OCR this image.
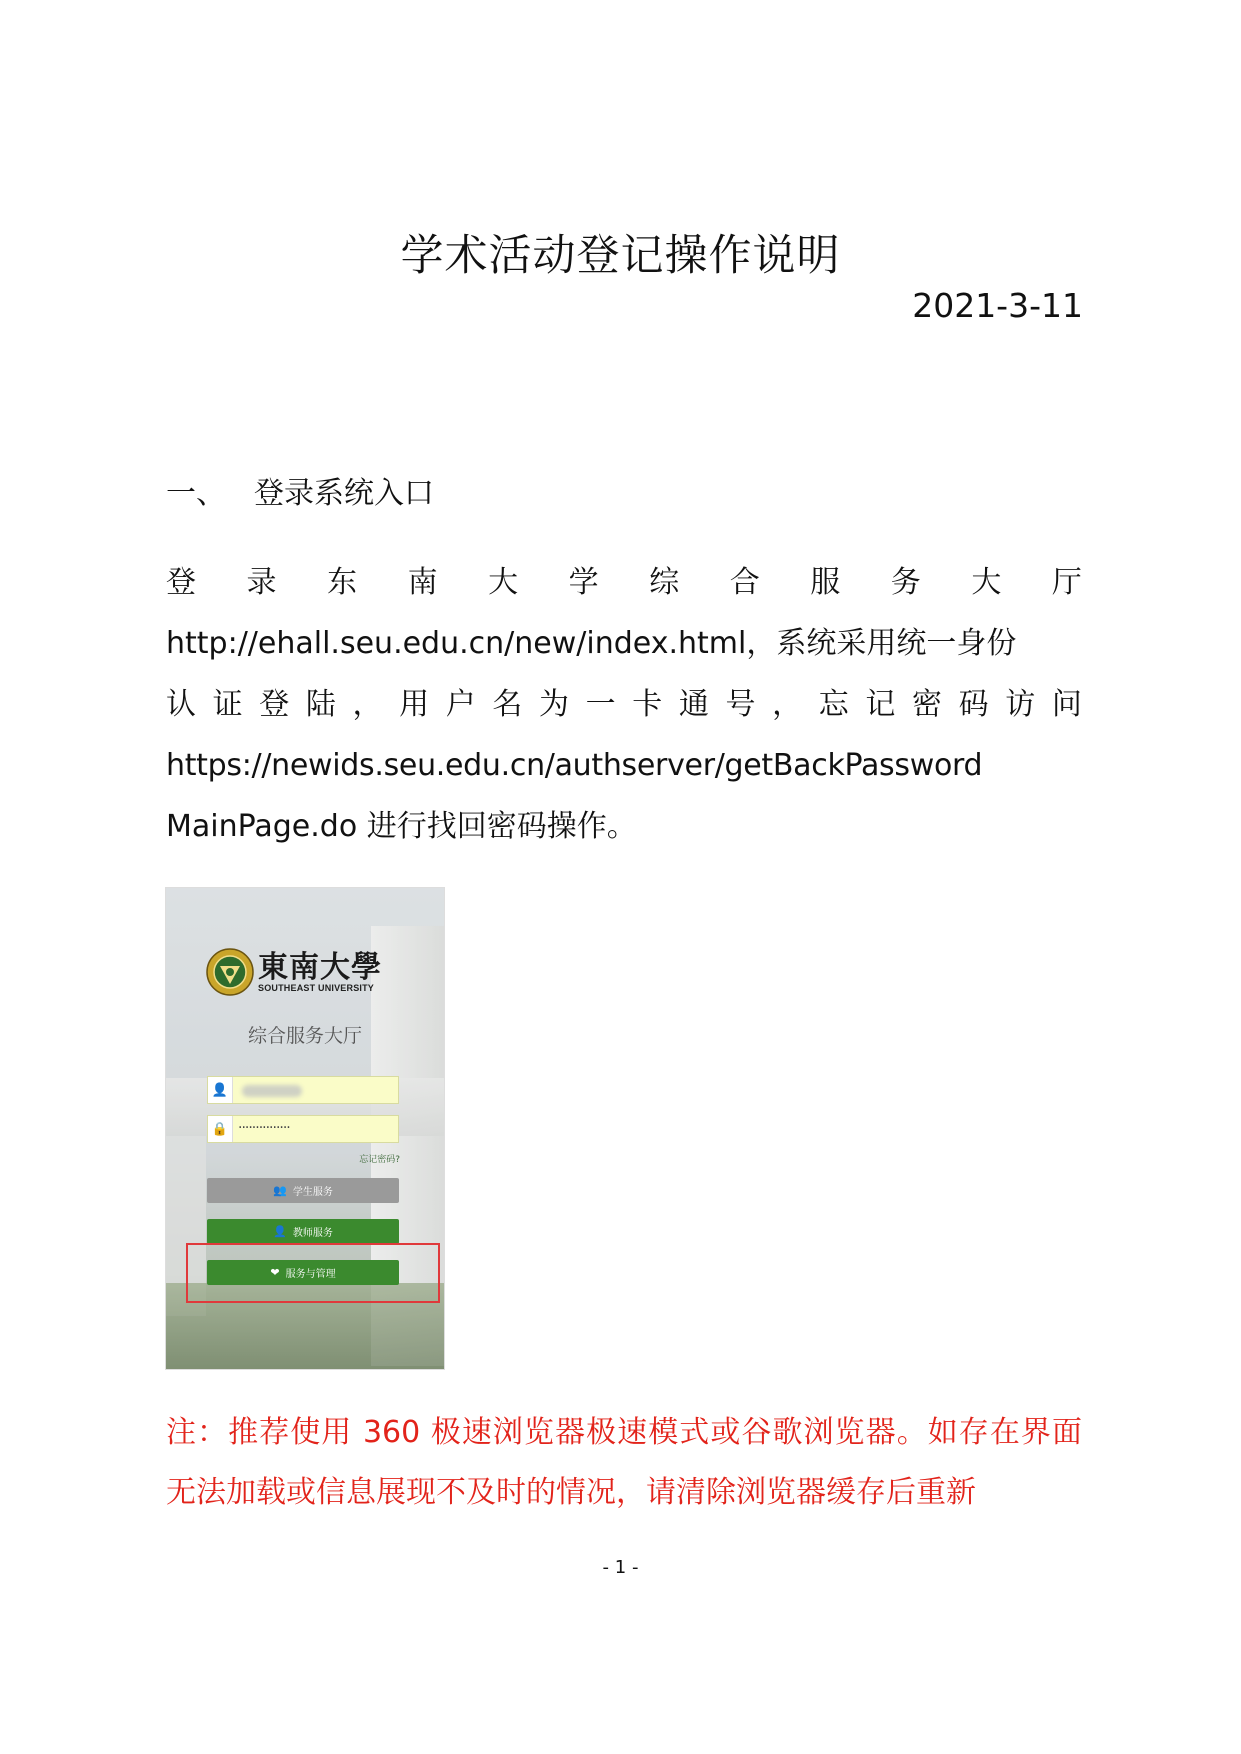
学术活动登记操作说明
2021-3-11
一、 登录系统入口
登 录 东 南 大 学 综 合 服 务 大 厅
http://ehall.seu.edu.cn/new/index.html，系统采用统一身份
认 证 登 陆 ， 用 户 名 为 一 卡 通 号 ， 忘 记 密 码 访 问
https://newids.seu.edu.cn/authserver/getBackPassword
MainPage.do 进行找回密码操作。
東南大學
SOUTHEAST UNIVERSITY
综合服务大厅
👤
🔒 ···············
忘记密码?
👥 学生服务
👤 教师服务
❤ 服务与管理
注：推荐使用 360 极速浏览器极速模式或谷歌浏览器。如存在界面无法加载或信息展现不及时的情况，请清除浏览器缓存后重新
- 1 -
